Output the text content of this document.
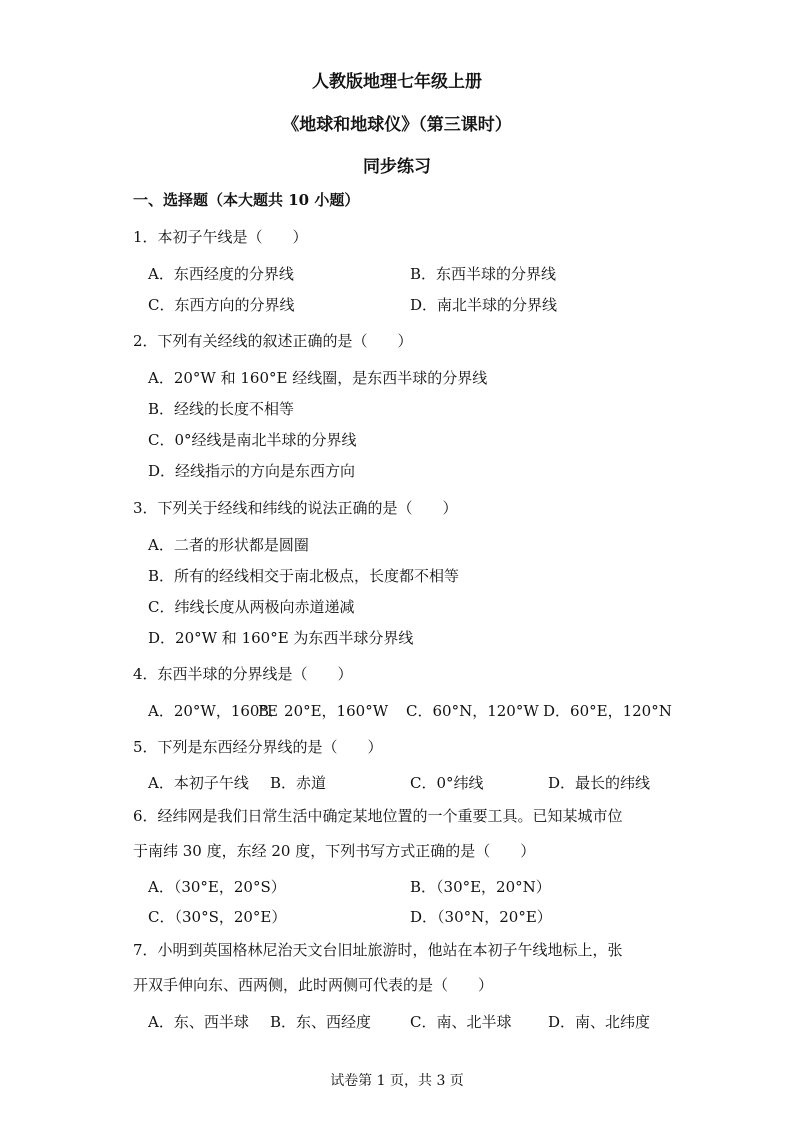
人教版地理七年级上册
《地球和地球仪》（第三课时）
同步练习
一、选择题（本大题共 10 小题）
1．本初子午线是（　　）
A．东西经度的分界线	B．东西半球的分界线
C．东西方向的分界线	D．南北半球的分界线
2．下列有关经线的叙述正确的是（　　）
A．20°W 和 160°E 经线圈，是东西半球的分界线
B．经线的长度不相等
C．0°经线是南北半球的分界线
D．经线指示的方向是东西方向
3．下列关于经线和纬线的说法正确的是（　　）
A．二者的形状都是圆圈
B．所有的经线相交于南北极点，长度都不相等
C．纬线长度从两极向赤道递减
D．20°W 和 160°E 为东西半球分界线
4．东西半球的分界线是（　　）
A．20°W，160°E
B．20°E，160°W C．60°N，120°W D．60°E，120°N
5．下列是东西经分界线的是（　　）
A．本初子午线 B．赤道	C．0°纬线	D．最长的纬线
6．经纬网是我们日常生活中确定某地位置的一个重要工具。已知某城市位
于南纬 30 度，东经 20 度，下列书写方式正确的是（　　）
A．（30°E，20°S）	B．（30°E，20°N）
C．（30°S，20°E）	D．（30°N，20°E）
7．小明到英国格林尼治天文台旧址旅游时，他站在本初子午线地标上，张
开双手伸向东、西两侧，此时两侧可代表的是（　　）
A．东、西半球 B．东、西经度	C．南、北半球 D．南、北纬度
试卷第 1 页，共 3 页
